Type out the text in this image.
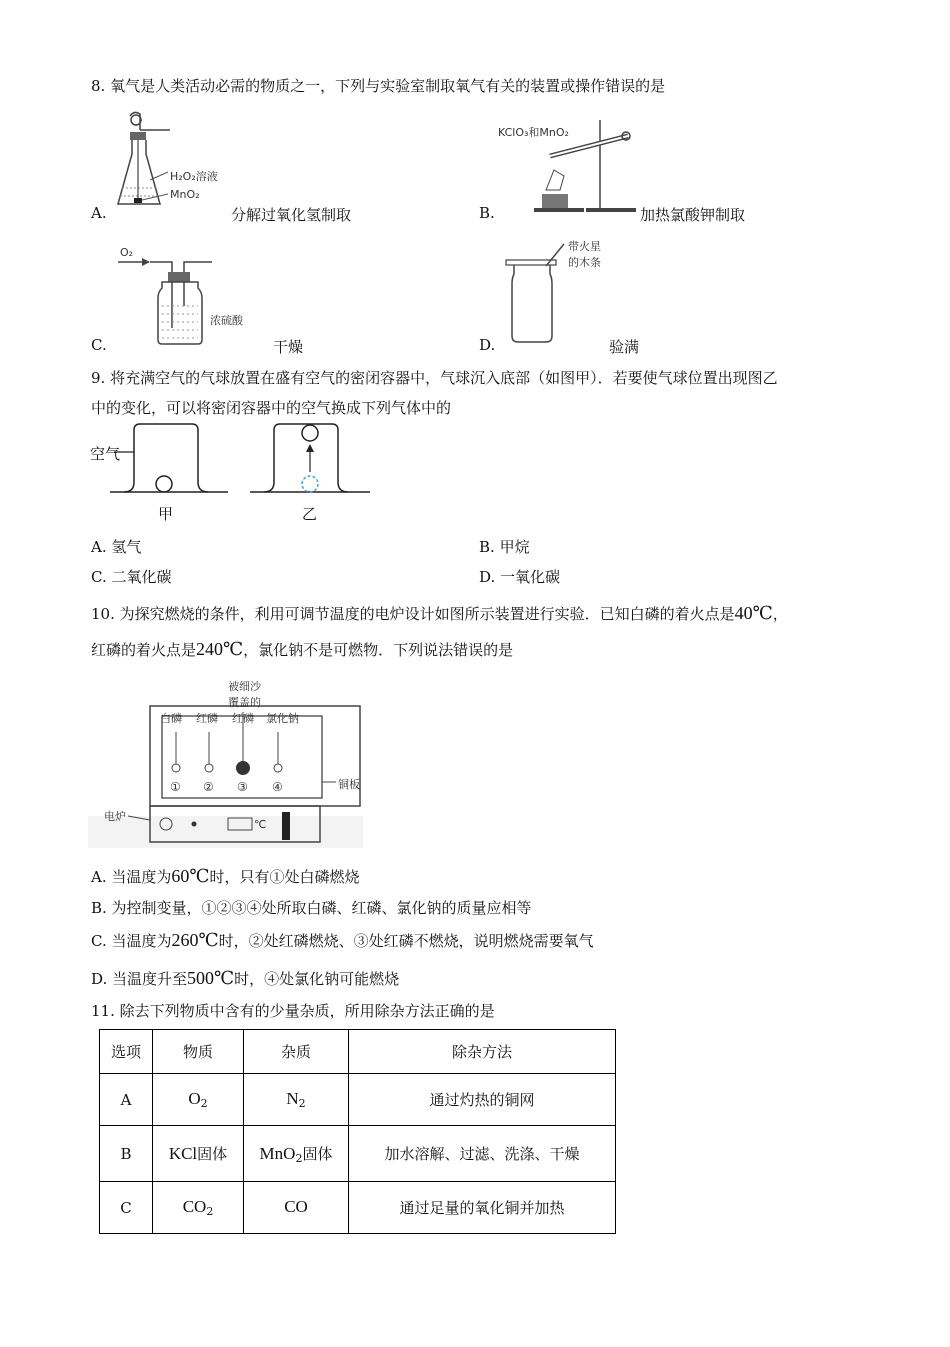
8. 氧气是人类活动必需的物质之一，下列与实验室制取氧气有关的装置或操作错误的是
H₂O₂溶液
MnO₂
A.	分解过氧化氢制取
KClO₃和MnO₂
B.	加热氯酸钾制取
O₂
浓硫酸
C.	干燥
带火星
的木条
D.	验满
9. 将充满空气的气球放置在盛有空气的密闭容器中，气球沉入底部（如图甲）．若要使气球位置出现图乙
中的变化，可以将密闭容器中的空气换成下列气体中的
空气
甲	乙
A. 氢气	B. 甲烷
C. 二氧化碳	D. 一氧化碳
10. 为探究燃烧的条件，利用可调节温度的电炉设计如图所示装置进行实验．已知白磷的着火点是40℃，
红磷的着火点是240℃，氯化钠不是可燃物．下列说法错误的是
被细沙
覆盖的
白磷 红磷 红磷 氯化钠
① ② ③ ④	铜板
电炉
℃
A. 当温度为60℃时，只有①处白磷燃烧
B. 为控制变量，①②③④处所取白磷、红磷、氯化钠的质量应相等
C. 当温度为260℃时，②处红磷燃烧、③处红磷不燃烧，说明燃烧需要氧气
D. 当温度升至500℃时，④处氯化钠可能燃烧
11. 除去下列物质中含有的少量杂质，所用除杂方法正确的是
选项	物质	杂质	除杂方法
A	$O_2$	$N_2$	通过灼热的铜网
B	KCl固体	MnO$_2$固体	加水溶解、过滤、洗涤、干燥
C	$CO_2$	CO	通过足量的氧化铜并加热
